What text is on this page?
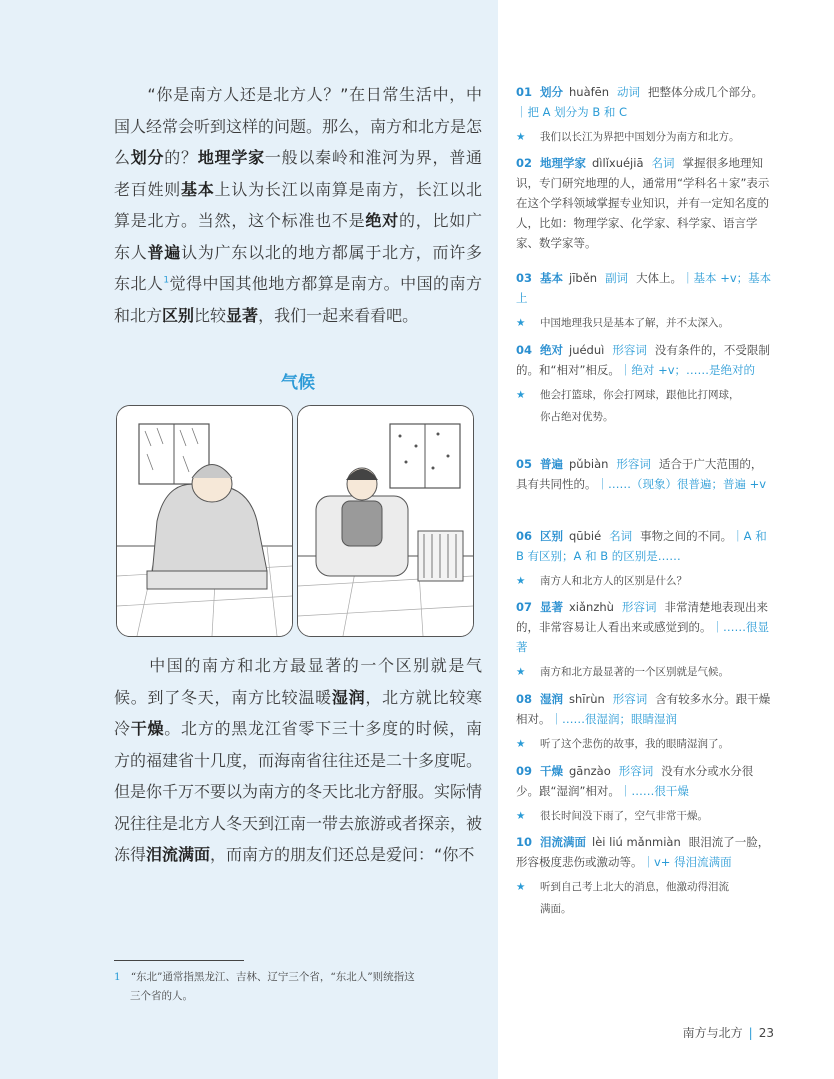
　　“你是南方人还是北方人？”在日常生活中，中国人经常会听到这样的问题。那么，南方和北方是怎么划分的？地理学家一般以秦岭和淮河为界，普通老百姓则基本上认为长江以南算是南方，长江以北算是北方。当然，这个标准也不是绝对的，比如广东人普遍认为广东以北的地方都属于北方，而许多东北人$^1$觉得中国其他地方都算是南方。中国的南方和北方区别比较显著，我们一起来看看吧。

气候

　　中国的南方和北方最显著的一个区别就是气候。到了冬天，南方比较温暖湿润，北方就比较寒冷干燥。北方的黑龙江省零下三十多度的时候，南方的福建省十几度，而海南省往往还是二十多度呢。但是你千万不要以为南方的冬天比北方舒服。实际情况往往是北方人冬天到江南一带去旅游或者探亲，被冻得泪流满面，而南方的朋友们还总是爱问：“你不

1 “东北”通常指黑龙江、吉林、辽宁三个省，“东北人”则统指这
三个省的人。
01 划分 huàfēn 动词 把整体分成几个部分。｜把 A 划分为 B 和 C
★ 我们以长江为界把中国划分为南方和北方。
02 地理学家 dìlǐxuéjiā 名词 掌握很多地理知识，专门研究地理的人，通常用“学科名＋家”表示在这个学科领域掌握专业知识，并有一定知名度的人，比如：物理学家、化学家、科学家、语言学家、数学家等。
03 基本 jīběn 副词 大体上。｜基本 +v；基本上
★ 中国地理我只是基本了解，并不太深入。
04 绝对 juéduì 形容词 没有条件的，不受限制的。和“相对”相反。｜绝对 +v；……是绝对的
★ 他会打篮球，你会打网球，跟他比打网球，
你占绝对优势。
05 普遍 pǔbiàn 形容词 适合于广大范围的，具有共同性的。｜……（现象）很普遍；普遍 +v
06 区别 qūbié 名词 事物之间的不同。｜A 和 B 有区别；A 和 B 的区别是……
★ 南方人和北方人的区别是什么？
07 显著 xiǎnzhù 形容词 非常清楚地表现出来的，非常容易让人看出来或感觉到的。｜……很显著
★ 南方和北方最显著的一个区别就是气候。
08 湿润 shīrùn 形容词 含有较多水分。跟干燥相对。｜……很湿润；眼睛湿润
★ 听了这个悲伤的故事，我的眼睛湿润了。
09 干燥 gānzào 形容词 没有水分或水分很少。跟“湿润”相对。｜……很干燥
★ 很长时间没下雨了，空气非常干燥。
10 泪流满面 lèi liú mǎnmiàn 眼泪流了一脸，形容极度悲伤或激动等。｜v+ 得泪流满面
★ 听到自己考上北大的消息，他激动得泪流
满面。
南方与北方 | 23
